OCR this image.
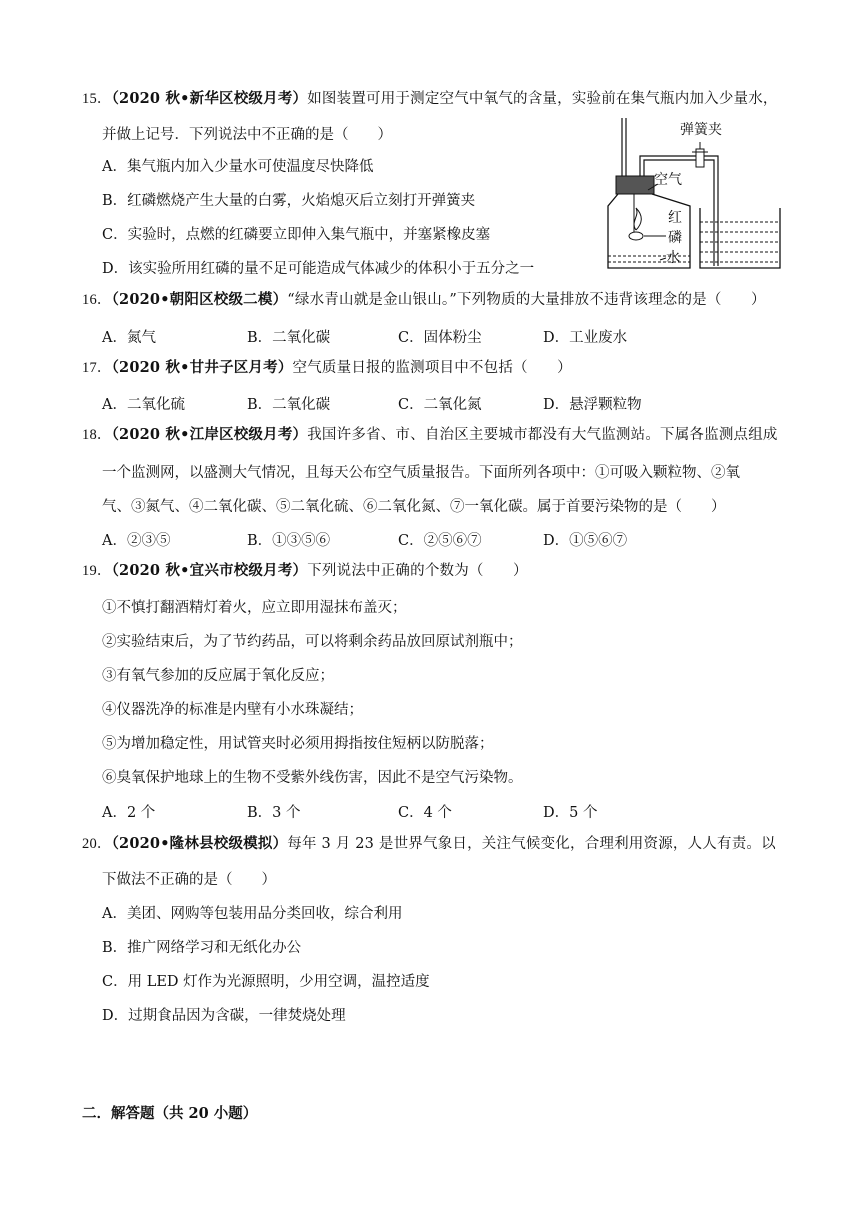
15．（2020 秋•新华区校级月考）如图装置可用于测定空气中氧气的含量，实验前在集气瓶内加入少量水，
并做上记号．下列说法中不正确的是（　　）
A．集气瓶内加入少量水可使温度尽快降低
B．红磷燃烧产生大量的白雾，火焰熄灭后立刻打开弹簧夹
C．实验时，点燃的红磷要立即伸入集气瓶中，并塞紧橡皮塞
D．该实验所用红磷的量不足可能造成气体减少的体积小于五分之一
弹簧夹
空气
红
磷
水
16．（2020•朝阳区校级二模）“绿水青山就是金山银山。”下列物质的大量排放不违背该理念的是（　　）
A．氮气	B．二氧化碳	C．固体粉尘	D．工业废水
17．（2020 秋•甘井子区月考）空气质量日报的监测项目中不包括（　　）
A．二氧化硫	B．二氧化碳	C．二氧化氮	D．悬浮颗粒物
18．（2020 秋•江岸区校级月考）我国许多省、市、自治区主要城市都没有大气监测站。下属各监测点组成
一个监测网，以盛测大气情况，且每天公布空气质量报告。下面所列各项中：①可吸入颗粒物、②氧
气、③氮气、④二氧化碳、⑤二氧化硫、⑥二氧化氮、⑦一氧化碳。属于首要污染物的是（　　）
A．②③⑤	B．①③⑤⑥	C．②⑤⑥⑦	D．①⑤⑥⑦
19．（2020 秋•宜兴市校级月考）下列说法中正确的个数为（　　）
①不慎打翻酒精灯着火，应立即用湿抹布盖灭；
②实验结束后，为了节约药品，可以将剩余药品放回原试剂瓶中；
③有氧气参加的反应属于氧化反应；
④仪器洗净的标准是内壁有小水珠凝结；
⑤为增加稳定性，用试管夹时必须用拇指按住短柄以防脱落；
⑥臭氧保护地球上的生物不受紫外线伤害，因此不是空气污染物。
A．2 个	B．3 个	C．4 个	D．5 个
20．（2020•隆林县校级模拟）每年 3 月 23 是世界气象日，关注气候变化，合理利用资源，人人有责。以
下做法不正确的是（　　）
A．美团、网购等包装用品分类回收，综合利用
B．推广网络学习和无纸化办公
C．用 LED 灯作为光源照明，少用空调，温控适度
D．过期食品因为含碳，一律焚烧处理
二．解答题（共 20 小题）
